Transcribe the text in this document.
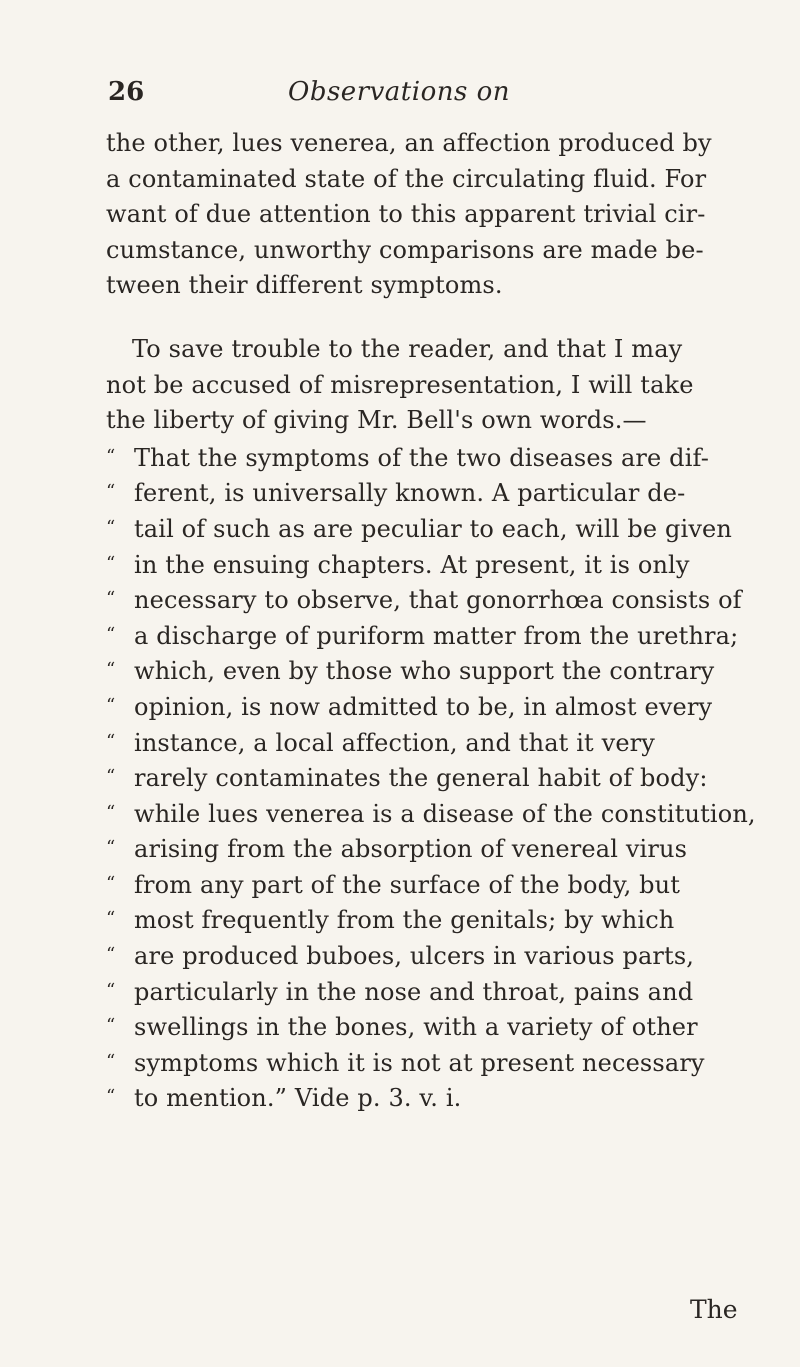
26	Observations on
the other, lues venerea, an affection produced by
a contaminated state of the circulating fluid. For
want of due attention to this apparent trivial cir-
cumstance, unworthy comparisons are made be-
tween their different symptoms.
To save trouble to the reader, and that I may
not be accused of misrepresentation, I will take
the liberty of giving Mr. Bell's own words.—
“ That the symptoms of the two diseases are dif-
“ ferent, is universally known. A particular de-
“ tail of such as are peculiar to each, will be given
“ in the ensuing chapters. At present, it is only
“ necessary to observe, that gonorrhœa consists of
“ a discharge of puriform matter from the urethra;
“ which, even by those who support the contrary
“ opinion, is now admitted to be, in almost every
“ instance, a local affection, and that it very
“ rarely contaminates the general habit of body:
“ while lues venerea is a disease of the constitution,
“ arising from the absorption of venereal virus
“ from any part of the surface of the body, but
“ most frequently from the genitals; by which
“ are produced buboes, ulcers in various parts,
“ particularly in the nose and throat, pains and
“ swellings in the bones, with a variety of other
“ symptoms which it is not at present necessary
“ to mention.” Vide p. 3. v. i.
The
